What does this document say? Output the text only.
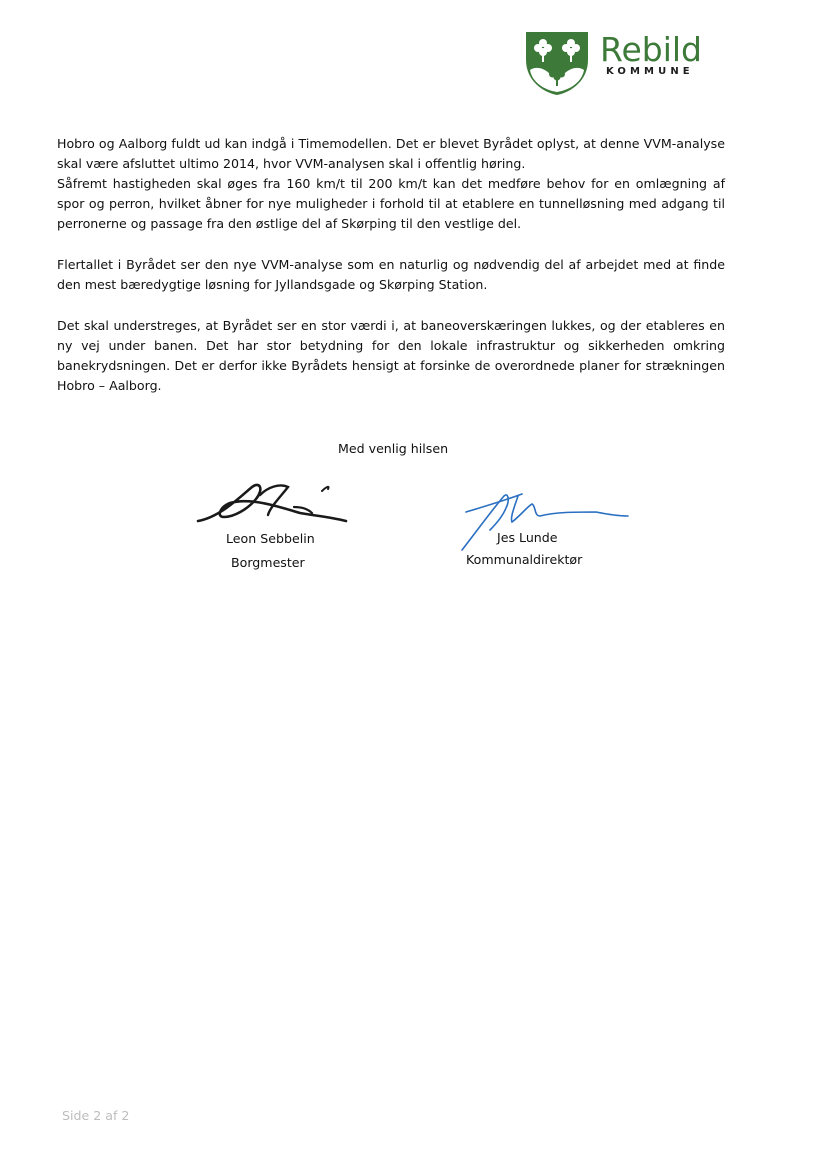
Rebild
KOMMUNE

Hobro og Aalborg fuldt ud kan indgå i Timemodellen. Det er blevet Byrådet oplyst, at denne VVM-analyse skal være afsluttet ultimo 2014, hvor VVM-analysen skal i offentlig høring.

Såfremt hastigheden skal øges fra 160 km/t til 200 km/t kan det medføre behov for en omlægning af spor og perron, hvilket åbner for nye muligheder i forhold til at etablere en tunnelløsning med adgang til perronerne og passage fra den østlige del af Skørping til den vestlige del.

Flertallet i Byrådet ser den nye VVM-analyse som en naturlig og nødvendig del af arbejdet med at finde den mest bæredygtige løsning for Jyllandsgade og Skørping Station.

Det skal understreges, at Byrådet ser en stor værdi i, at baneoverskæringen lukkes, og der etableres en ny vej under banen. Det har stor betydning for den lokale infrastruktur og sikkerheden omkring banekrydsningen. Det er derfor ikke Byrådets hensigt at forsinke de overordnede planer for strækningen Hobro – Aalborg.

Med venlig hilsen
Leon Sebbelin
Borgmester
Jes Lunde
Kommunaldirektør
Side 2 af 2
